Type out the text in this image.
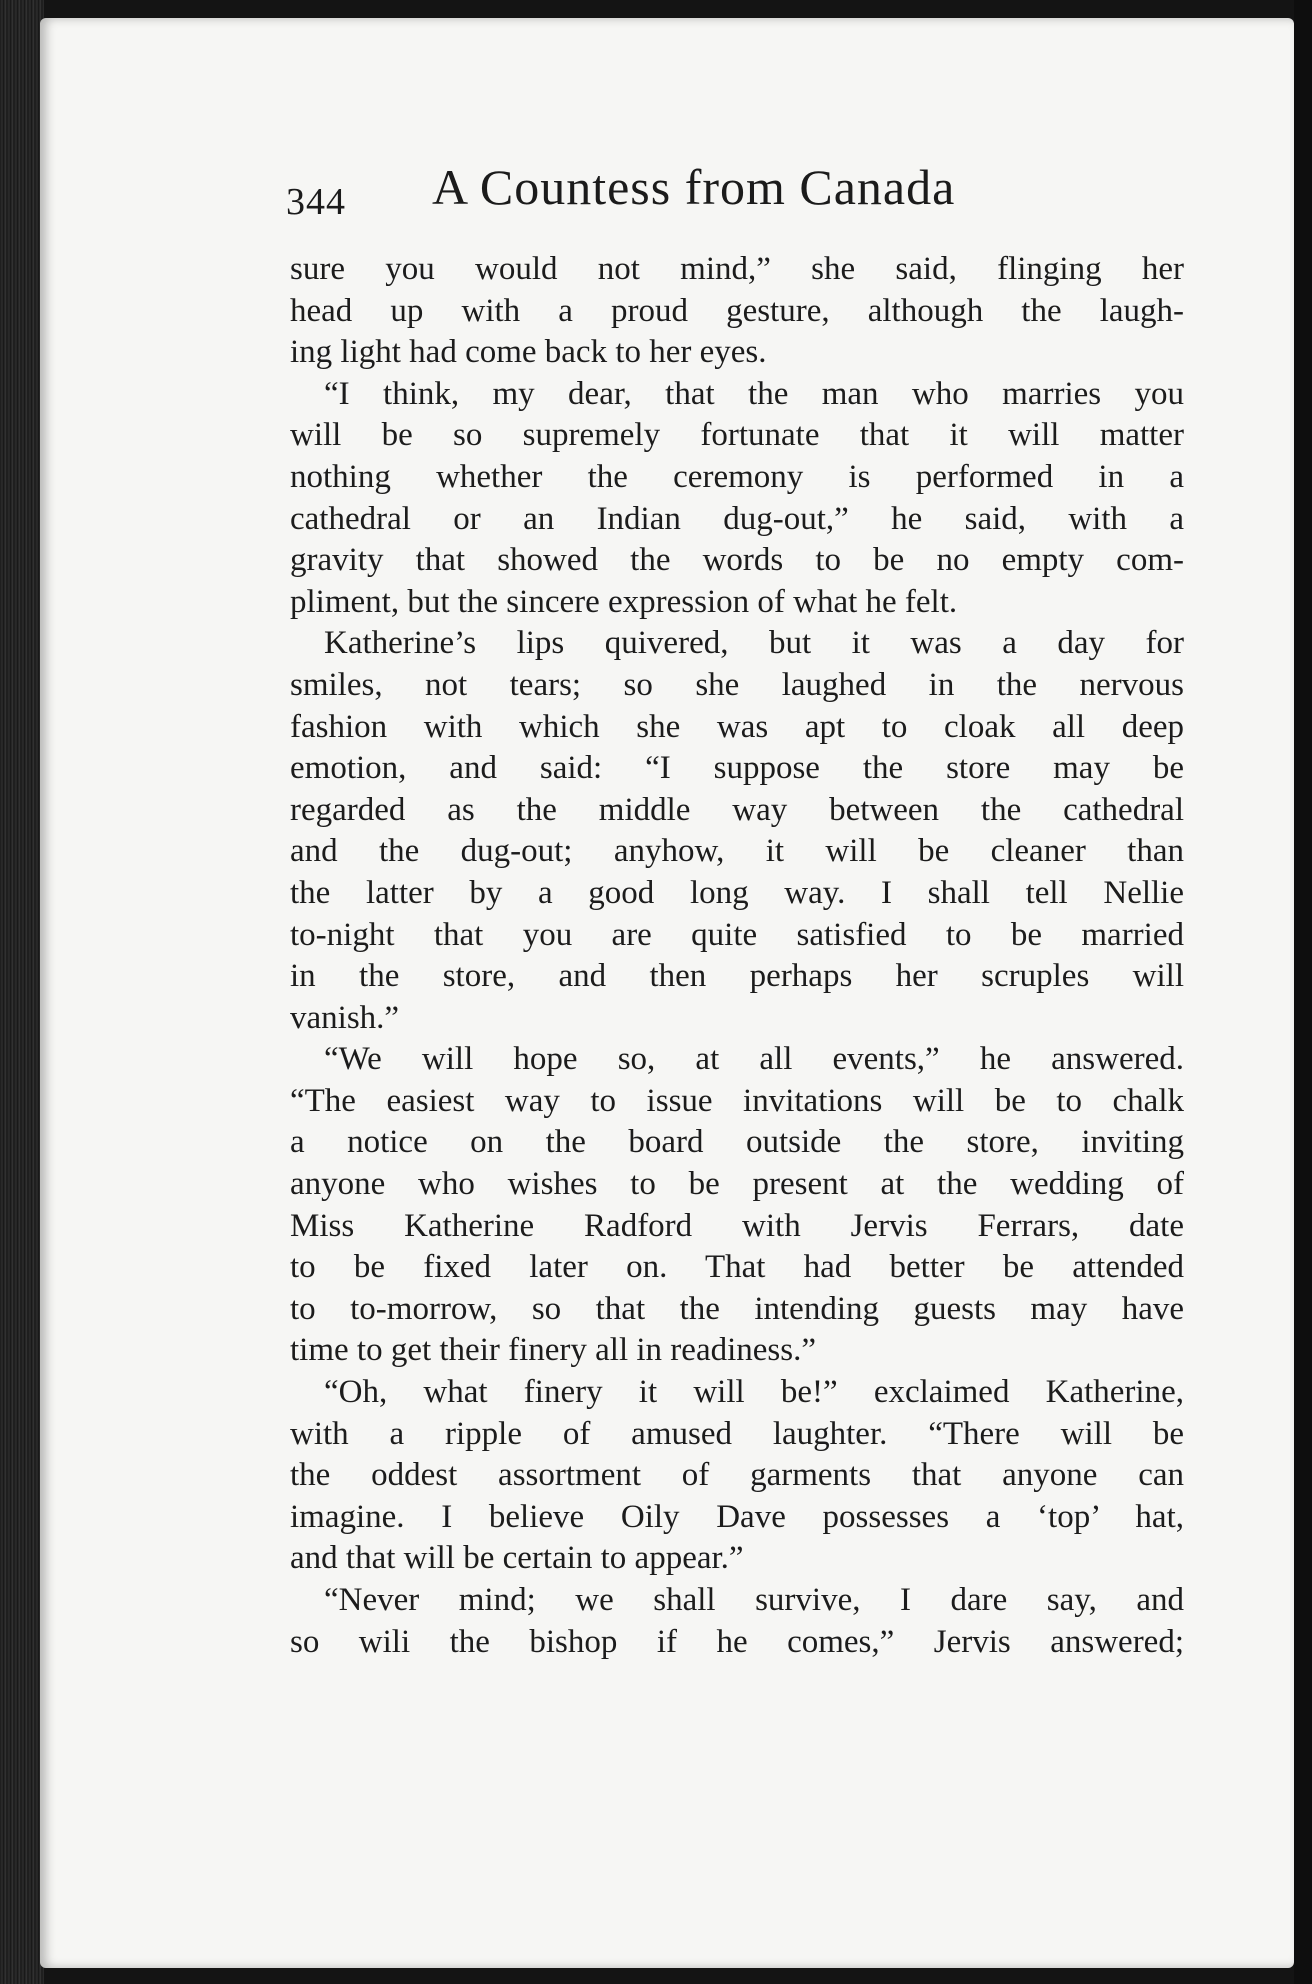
344 A Countess from Canada
sure you would not mind,” she said, flinging her
head up with a proud gesture, although the laugh-
ing light had come back to her eyes.
“I think, my dear, that the man who marries you
will be so supremely fortunate that it will matter
nothing whether the ceremony is performed in a
cathedral or an Indian dug-out,” he said, with a
gravity that showed the words to be no empty com-
pliment, but the sincere expression of what he felt.
Katherine’s lips quivered, but it was a day for
smiles, not tears; so she laughed in the nervous
fashion with which she was apt to cloak all deep
emotion, and said: “I suppose the store may be
regarded as the middle way between the cathedral
and the dug-out; anyhow, it will be cleaner than
the latter by a good long way. I shall tell Nellie
to-night that you are quite satisfied to be married
in the store, and then perhaps her scruples will
vanish.”
“We will hope so, at all events,” he answered.
“The easiest way to issue invitations will be to chalk
a notice on the board outside the store, inviting
anyone who wishes to be present at the wedding of
Miss Katherine Radford with Jervis Ferrars, date
to be fixed later on. That had better be attended
to to-morrow, so that the intending guests may have
time to get their finery all in readiness.”
“Oh, what finery it will be!” exclaimed Katherine,
with a ripple of amused laughter. “There will be
the oddest assortment of garments that anyone can
imagine. I believe Oily Dave possesses a ‘top’ hat,
and that will be certain to appear.”
“Never mind; we shall survive, I dare say, and
so wili the bishop if he comes,” Jervis answered;
